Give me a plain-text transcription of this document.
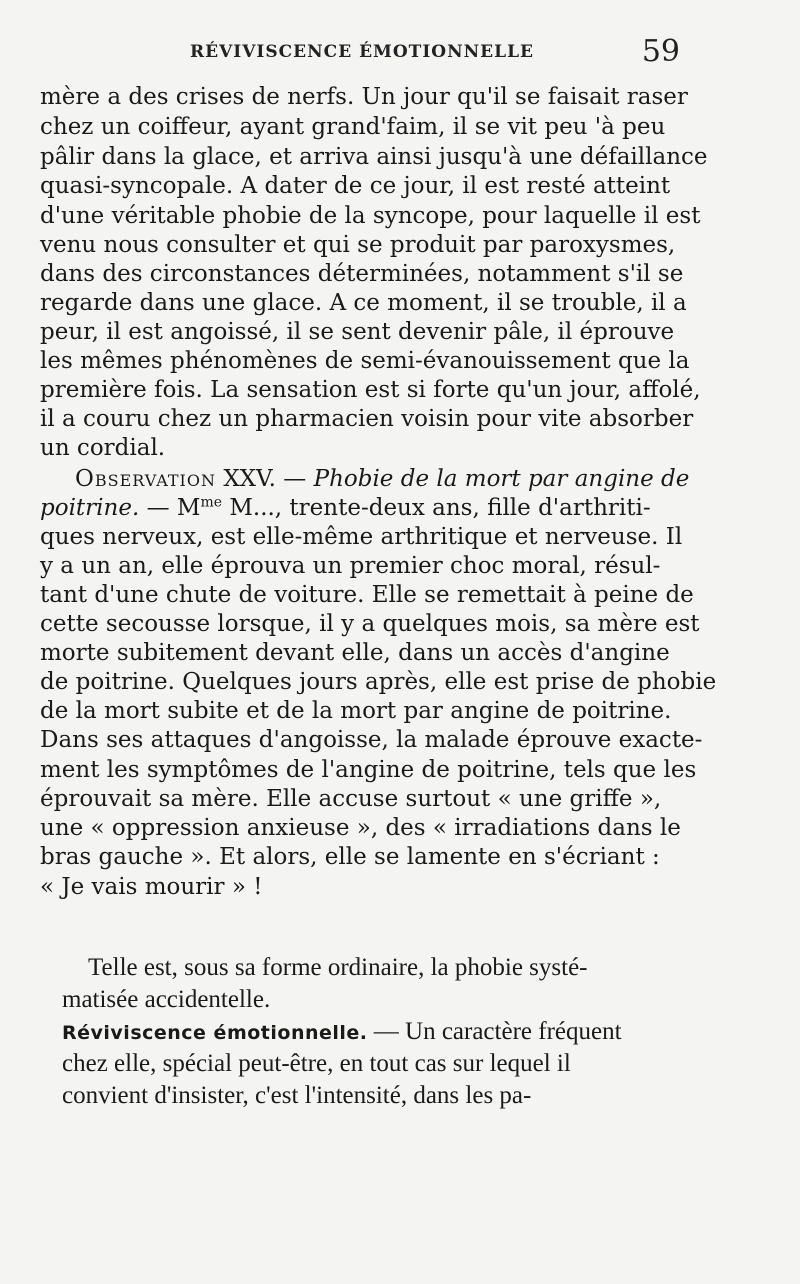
RÉVIVISCENCE ÉMOTIONNELLE	59
mère a des crises de nerfs. Un jour qu'il se faisait raser
chez un coiffeur, ayant grand'faim, il se vit peu 'à peu
pâlir dans la glace, et arriva ainsi jusqu'à une défaillance
quasi-syncopale. A dater de ce jour, il est resté atteint
d'une véritable phobie de la syncope, pour laquelle il est
venu nous consulter et qui se produit par paroxysmes,
dans des circonstances déterminées, notamment s'il se
regarde dans une glace. A ce moment, il se trouble, il a
peur, il est angoissé, il se sent devenir pâle, il éprouve
les mêmes phénomènes de semi-évanouissement que la
première fois. La sensation est si forte qu'un jour, affolé,
il a couru chez un pharmacien voisin pour vite absorber
un cordial.
Observation XXV. — Phobie de la mort par angine de
poitrine. — $M^{me}$ M..., trente-deux ans, fille d'arthriti-
ques nerveux, est elle-même arthritique et nerveuse. Il
y a un an, elle éprouva un premier choc moral, résul-
tant d'une chute de voiture. Elle se remettait à peine de
cette secousse lorsque, il y a quelques mois, sa mère est
morte subitement devant elle, dans un accès d'angine
de poitrine. Quelques jours après, elle est prise de phobie
de la mort subite et de la mort par angine de poitrine.
Dans ses attaques d'angoisse, la malade éprouve exacte-
ment les symptômes de l'angine de poitrine, tels que les
éprouvait sa mère. Elle accuse surtout « une griffe »,
une « oppression anxieuse », des « irradiations dans le
bras gauche ». Et alors, elle se lamente en s'écriant :
« Je vais mourir » !
Telle est, sous sa forme ordinaire, la phobie systé-
matisée accidentelle.
Réviviscence émotionnelle. — Un caractère fréquent
chez elle, spécial peut-être, en tout cas sur lequel il
convient d'insister, c'est l'intensité, dans les pa-
